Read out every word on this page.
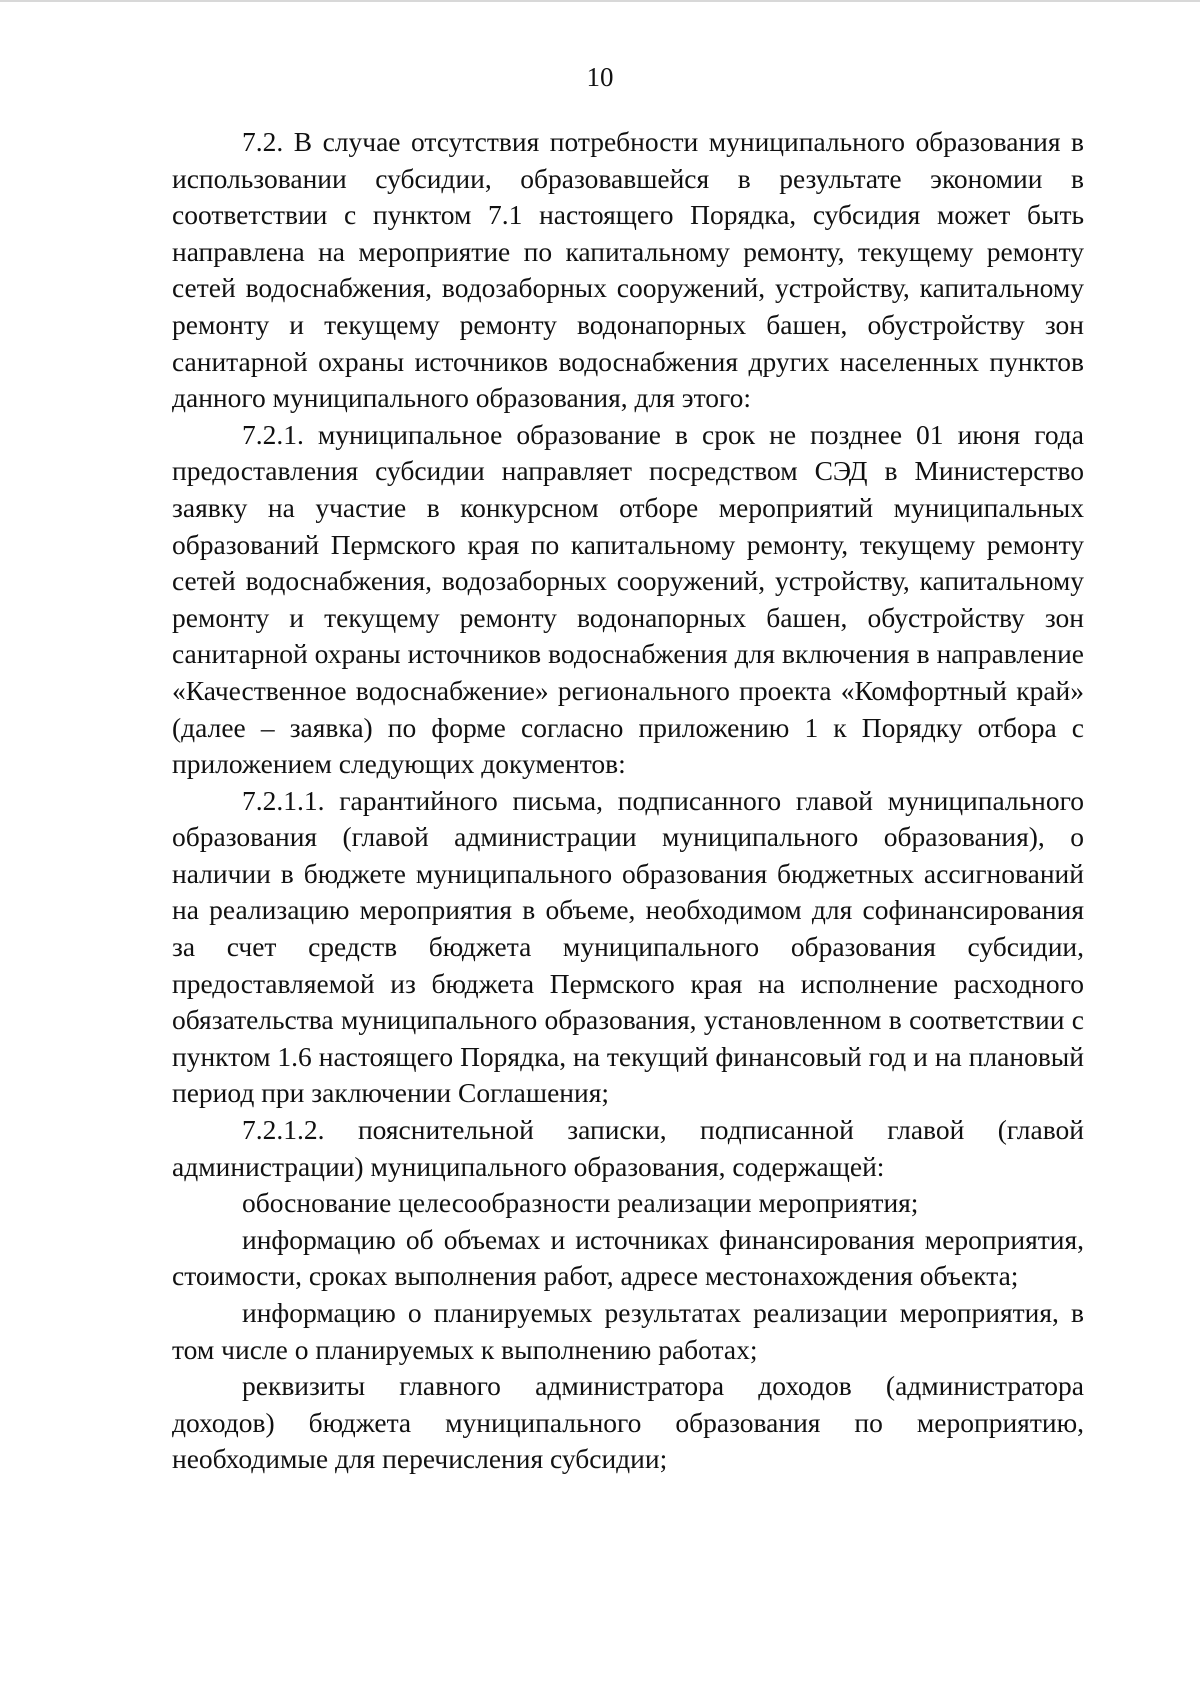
10

7.2. В случае отсутствия потребности муниципального образования в использовании субсидии, образовавшейся в результате экономии в соответствии с пунктом 7.1 настоящего Порядка, субсидия может быть направлена на мероприятие по капитальному ремонту, текущему ремонту сетей водоснабжения, водозаборных сооружений, устройству, капитальному ремонту и текущему ремонту водонапорных башен, обустройству зон санитарной охраны источников водоснабжения других населенных пунктов данного муниципального образования, для этого:

7.2.1. муниципальное образование в срок не позднее 01 июня года предоставления субсидии направляет посредством СЭД в Министерство заявку на участие в конкурсном отборе мероприятий муниципальных образований Пермского края по капитальному ремонту, текущему ремонту сетей водоснабжения, водозаборных сооружений, устройству, капитальному ремонту и текущему ремонту водонапорных башен, обустройству зон санитарной охраны источников водоснабжения для включения в направление «Качественное водоснабжение» регионального проекта «Комфортный край» (далее – заявка) по форме согласно приложению 1 к Порядку отбора с приложением следующих документов:

7.2.1.1. гарантийного письма, подписанного главой муниципального образования (главой администрации муниципального образования), о наличии в бюджете муниципального образования бюджетных ассигнований на реализацию мероприятия в объеме, необходимом для софинансирования за счет средств бюджета муниципального образования субсидии, предоставляемой из бюджета Пермского края на исполнение расходного обязательства муниципального образования, установленном в соответствии с пунктом 1.6 настоящего Порядка, на текущий финансовый год и на плановый период при заключении Соглашения;

7.2.1.2. пояснительной записки, подписанной главой (главой администрации) муниципального образования, содержащей:

обоснование целесообразности реализации мероприятия;

информацию об объемах и источниках финансирования мероприятия, стоимости, сроках выполнения работ, адресе местонахождения объекта;

информацию о планируемых результатах реализации мероприятия, в том числе о планируемых к выполнению работах;

реквизиты главного администратора доходов (администратора доходов) бюджета муниципального образования по мероприятию, необходимые для перечисления субсидии;
